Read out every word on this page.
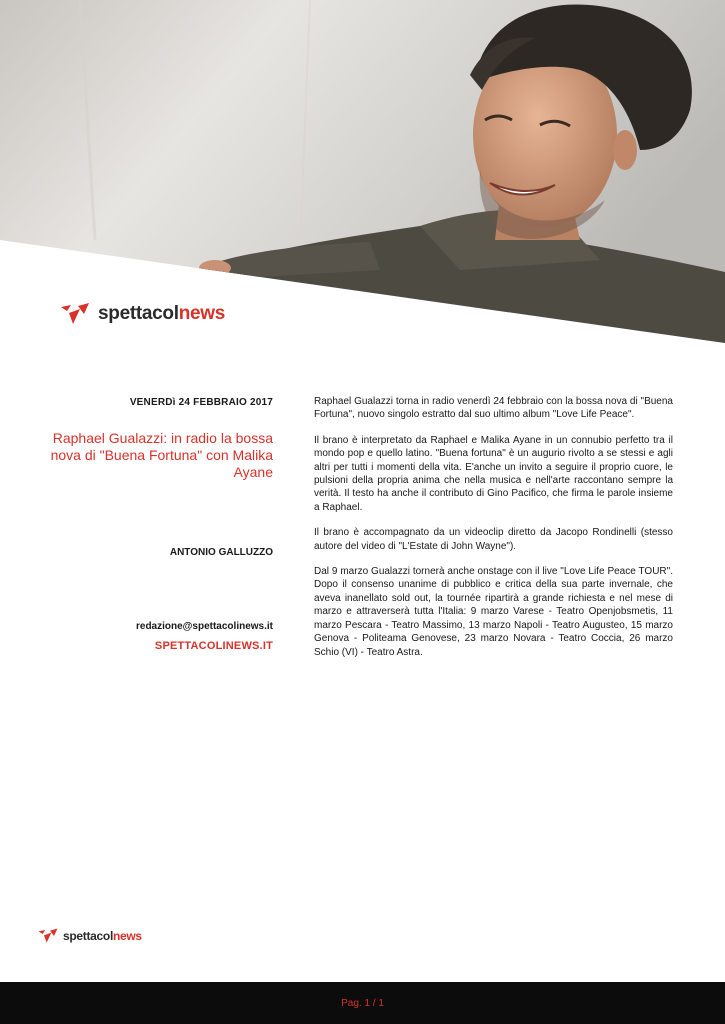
spettacolnews
VENERDì 24 FEBBRAIO 2017
Raphael Gualazzi: in radio la bossa nova di "Buena Fortuna" con Malika Ayane
ANTONIO GALLUZZO
redazione@spettacolinews.it
SPETTACOLINEWS.IT

Raphael Gualazzi torna in radio venerdì 24 febbraio con la bossa nova di "Buena Fortuna", nuovo singolo estratto dal suo ultimo album "Love Life Peace".

Il brano è interpretato da Raphael e Malika Ayane in un connubio perfetto tra il mondo pop e quello latino. "Buena fortuna" è un augurio rivolto a se stessi e agli altri per tutti i momenti della vita. E'anche un invito a seguire il proprio cuore, le pulsioni della propria anima che nella musica e nell'arte raccontano sempre la verità. Il testo ha anche il contributo di Gino Pacifico, che firma le parole insieme a Raphael.

Il brano è accompagnato da un videoclip diretto da Jacopo Rondinelli (stesso autore del video di "L'Estate di John Wayne").

Dal 9 marzo Gualazzi tornerà anche onstage con il live "Love Life Peace TOUR". Dopo il consenso unanime di pubblico e critica della sua parte invernale, che aveva inanellato sold out, la tournée ripartirà a grande richiesta e nel mese di marzo e attraverserà tutta l'Italia: 9 marzo Varese - Teatro Openjobsmetis, 11 marzo Pescara - Teatro Massimo, 13 marzo Napoli - Teatro Augusteo, 15 marzo Genova - Politeama Genovese, 23 marzo Novara - Teatro Coccia, 26 marzo Schio (VI) - Teatro Astra.

spettacolnews
Pag. 1 / 1
